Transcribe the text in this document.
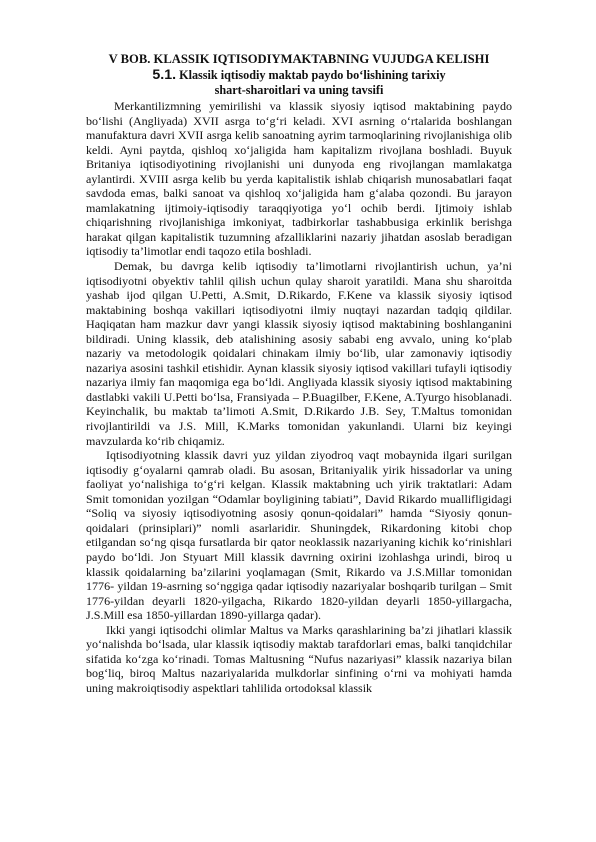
V BOB. KLASSIK IQTISODIYMAKTABNING VUJUDGA KELISHI

5.1. Klassik iqtisodiy maktab paydo bo‘lishining tarixiy

shart-sharoitlari va uning tavsifi

Merkantilizmning yemirilishi va klassik siyosiy iqtisod maktabining paydo bo‘lishi (Angliyada) XVII asrga to‘g‘ri keladi. XVI asrning o‘rtalarida boshlangan manufaktura davri XVII asrga kelib sanoatning ayrim tarmoqlarining rivojlanishiga olib keldi. Ayni paytda, qishloq xo‘jaligida ham kapitalizm rivojlana boshladi. Buyuk Britaniya iqtisodiyotining rivojlanishi uni dunyoda eng rivojlangan mamlakatga aylantirdi. XVIII asrga kelib bu yerda kapitalistik ishlab chiqarish munosabatlari faqat savdoda emas, balki sanoat va qishloq xo‘jaligida ham g‘alaba qozondi. Bu jarayon mamlakatning ijtimoiy-iqtisodiy taraqqiyotiga yo‘l ochib berdi. Ijtimoiy ishlab chiqarishning rivojlanishiga imkoniyat, tadbirkorlar tashabbusiga erkinlik berishga harakat qilgan kapitalistik tuzumning afzalliklarini nazariy jihatdan asoslab beradigan iqtisodiy ta’limotlar endi taqozo etila boshladi.

Demak, bu davrga kelib iqtisodiy ta’limotlarni rivojlantirish uchun, ya’ni iqtisodiyotni obyektiv tahlil qilish uchun qulay sharoit yaratildi. Mana shu sharoitda yashab ijod qilgan U.Petti, A.Smit, D.Rikardo, F.Kene va klassik siyosiy iqtisod maktabining boshqa vakillari iqtisodiyotni ilmiy nuqtayi nazardan tadqiq qildilar. Haqiqatan ham mazkur davr yangi klassik siyosiy iqtisod maktabining boshlanganini bildiradi. Uning klassik, deb atalishining asosiy sababi eng avvalo, uning ko‘plab nazariy va metodologik qoidalari chinakam ilmiy bo‘lib, ular zamonaviy iqtisodiy nazariya asosini tashkil etishidir. Aynan klassik siyosiy iqtisod vakillari tufayli iqtisodiy nazariya ilmiy fan maqomiga ega bo‘ldi. Angliyada klassik siyosiy iqtisod maktabining dastlabki vakili U.Petti bo‘lsa, Fransiyada – P.Buagilber, F.Kene, A.Tyurgo hisoblanadi. Keyinchalik, bu maktab ta’limoti A.Smit, D.Rikardo J.B. Sey, T.Maltus tomonidan rivojlantirildi va J.S. Mill, K.Marks tomonidan yakunlandi. Ularni biz keyingi mavzularda ko‘rib chiqamiz.

Iqtisodiyotning klassik davri yuz yildan ziyodroq vaqt mobaynida ilgari surilgan iqtisodiy g‘oyalarni qamrab oladi. Bu asosan, Britaniyalik yirik hissadorlar va uning faoliyat yo‘nalishiga to‘g‘ri kelgan. Klassik maktabning uch yirik traktatlari: Adam Smit tomonidan yozilgan “Odamlar boyligining tabiati”, David Rikardo muallifligidagi “Soliq va siyosiy iqtisodiyotning asosiy qonun-qoidalari” hamda “Siyosiy qonun- qoidalari (prinsiplari)” nomli asarlaridir. Shuningdek, Rikardoning kitobi chop etilgandan so‘ng qisqa fursatlarda bir qator neoklassik nazariyaning kichik ko‘rinishlari paydo bo‘ldi. Jon Styuart Mill klassik davrning oxirini izohlashga urindi, biroq u klassik qoidalarning ba’zilarini yoqlamagan (Smit, Rikardo va J.S.Millar tomonidan 1776- yildan 19-asrning so‘nggiga qadar iqtisodiy nazariyalar boshqarib turilgan – Smit 1776-yildan deyarli 1820-yilgacha, Rikardo 1820-yildan deyarli 1850-yillargacha, J.S.Mill esa 1850-yillardan 1890-yillarga qadar).

Ikki yangi iqtisodchi olimlar Maltus va Marks qarashlarining ba’zi jihatlari klassik yo‘nalishda bo‘lsada, ular klassik iqtisodiy maktab tarafdorlari emas, balki tanqidchilar sifatida ko‘zga ko‘rinadi. Tomas Maltusning “Nufus nazariyasi” klassik nazariya bilan bog‘liq, biroq Maltus nazariyalarida mulkdorlar sinfining o‘rni va mohiyati hamda uning makroiqtisodiy aspektlari tahlilida ortodoksal klassik
